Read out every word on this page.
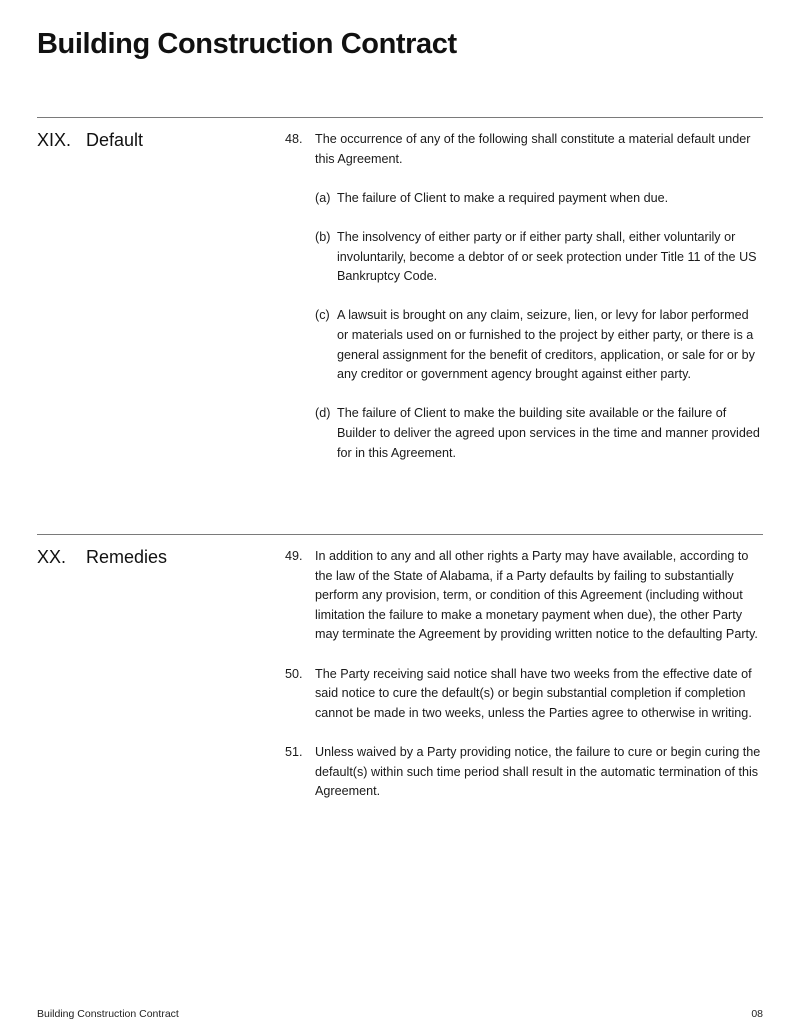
Building Construction Contract
XIX. Default	48. The occurrence of any of the following shall constitute a material default under this Agreement.
(a) The failure of Client to make a required payment when due.
(b) The insolvency of either party or if either party shall, either voluntarily or involuntarily, become a debtor of or seek protection under Title 11 of the US Bankruptcy Code.
(c) A lawsuit is brought on any claim, seizure, lien, or levy for labor performed or materials used on or furnished to the project by either party, or there is a general assignment for the benefit of creditors, application, or sale for or by any creditor or government agency brought against either party.
(d) The failure of Client to make the building site available or the failure of Builder to deliver the agreed upon services in the time and manner provided for in this Agreement.
XX. Remedies	49. In addition to any and all other rights a Party may have available, according to the law of the State of Alabama, if a Party defaults by failing to substantially perform any provision, term, or condition of this Agreement (including without limitation the failure to make a monetary payment when due), the other Party may terminate the Agreement by providing written notice to the defaulting Party.
50. The Party receiving said notice shall have two weeks from the effective date of said notice to cure the default(s) or begin substantial completion if completion cannot be made in two weeks, unless the Parties agree to otherwise in writing.
51. Unless waived by a Party providing notice, the failure to cure or begin curing the default(s) within such time period shall result in the automatic termination of this Agreement.
Building Construction Contract	08
